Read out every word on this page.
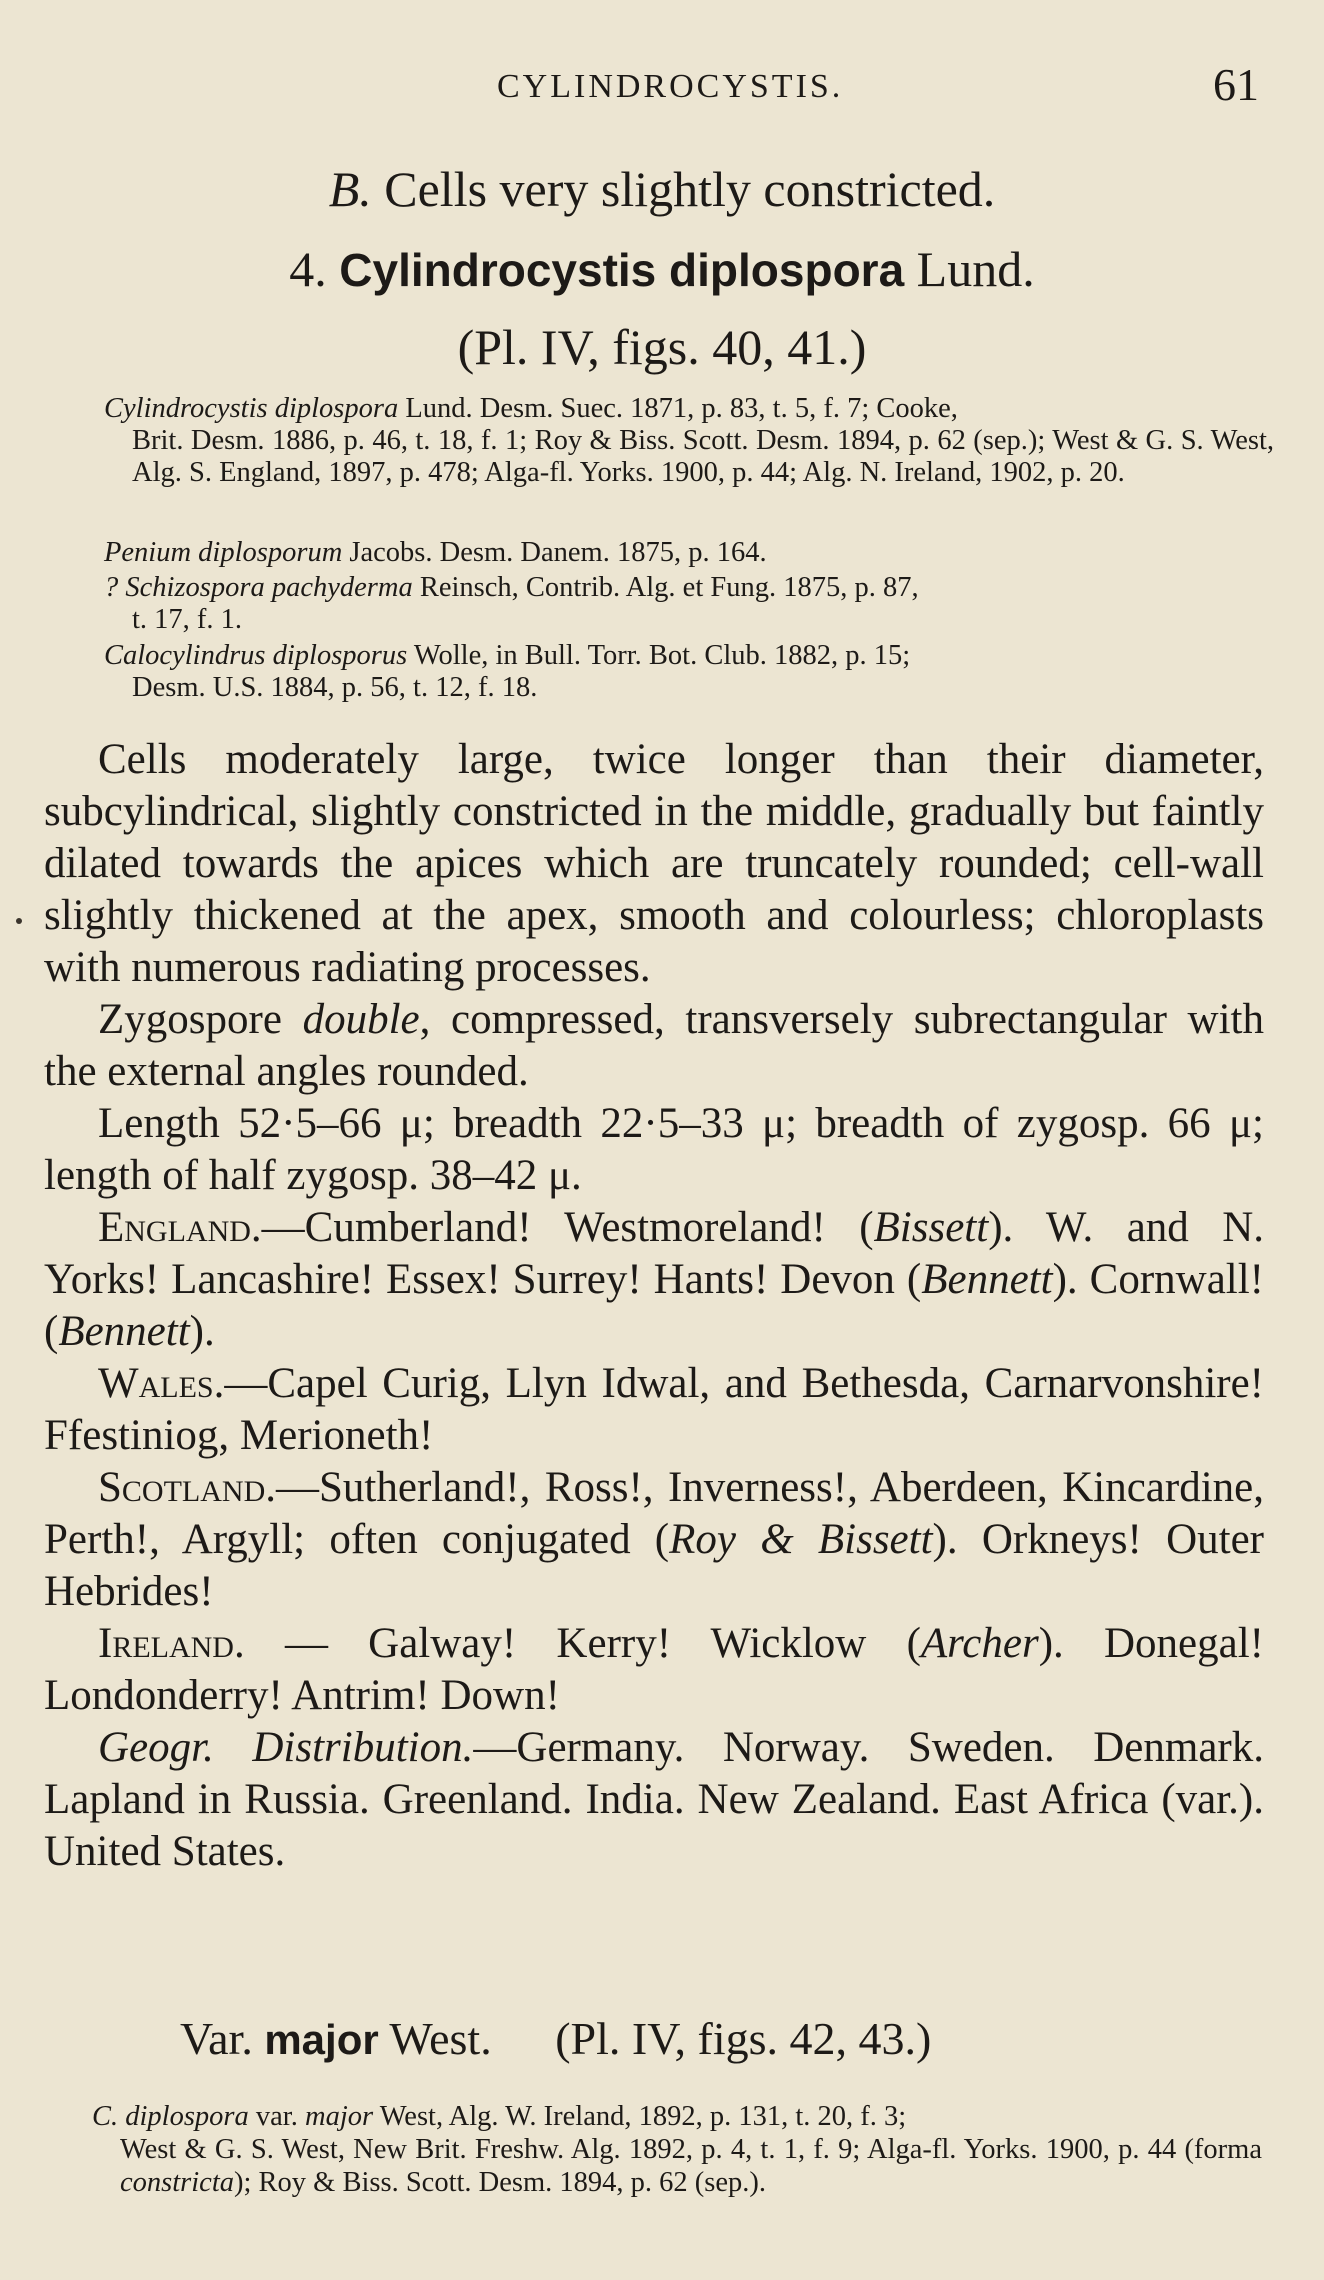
CYLINDROCYSTIS.	61
B. Cells very slightly constricted.
4. Cylindrocystis diplospora Lund.
(Pl. IV, figs. 40, 41.)
Cylindrocystis diplospora Lund. Desm. Suec. 1871, p. 83, t. 5, f. 7; Cooke,
Brit. Desm. 1886, p. 46, t. 18, f. 1; Roy & Biss. Scott. Desm. 1894, p. 62 (sep.); West & G. S. West, Alg. S. England, 1897, p. 478; Alga-fl. Yorks. 1900, p. 44; Alg. N. Ireland, 1902, p. 20.
Penium diplosporum Jacobs. Desm. Danem. 1875, p. 164.
? Schizospora pachyderma Reinsch, Contrib. Alg. et Fung. 1875, p. 87,
t. 17, f. 1.
Calocylindrus diplosporus Wolle, in Bull. Torr. Bot. Club. 1882, p. 15;
Desm. U.S. 1884, p. 56, t. 12, f. 18.

Cells moderately large, twice longer than their diameter, subcylindrical, slightly constricted in the middle, gradually but faintly dilated towards the apices which are truncately rounded; cell-wall slightly thickened at the apex, smooth and colourless; chloroplasts with numerous radiating processes.

Zygospore double, compressed, transversely subrectangular with the external angles rounded.

Length 52·5–66 μ; breadth 22·5–33 μ; breadth of zygosp. 66 μ; length of half zygosp. 38–42 μ.

England.—Cumberland! Westmoreland! (Bissett). W. and N. Yorks! Lancashire! Essex! Surrey! Hants! Devon (Bennett). Cornwall! (Bennett).

Wales.—Capel Curig, Llyn Idwal, and Bethesda, Carnarvonshire! Ffestiniog, Merioneth!

Scotland.—Sutherland!, Ross!, Inverness!, Aberdeen, Kincardine, Perth!, Argyll; often conjugated (Roy & Bissett). Orkneys! Outer Hebrides!

Ireland. — Galway! Kerry! Wicklow (Archer). Donegal! Londonderry! Antrim! Down!

Geogr. Distribution.—Germany. Norway. Sweden. Denmark. Lapland in Russia. Greenland. India. New Zealand. East Africa (var.). United States.

Var. major West. (Pl. IV, figs. 42, 43.)
C. diplospora var. major West, Alg. W. Ireland, 1892, p. 131, t. 20, f. 3;
West & G. S. West, New Brit. Freshw. Alg. 1892, p. 4, t. 1, f. 9; Alga-fl. Yorks. 1900, p. 44 (forma constricta); Roy & Biss. Scott. Desm. 1894, p. 62 (sep.).
